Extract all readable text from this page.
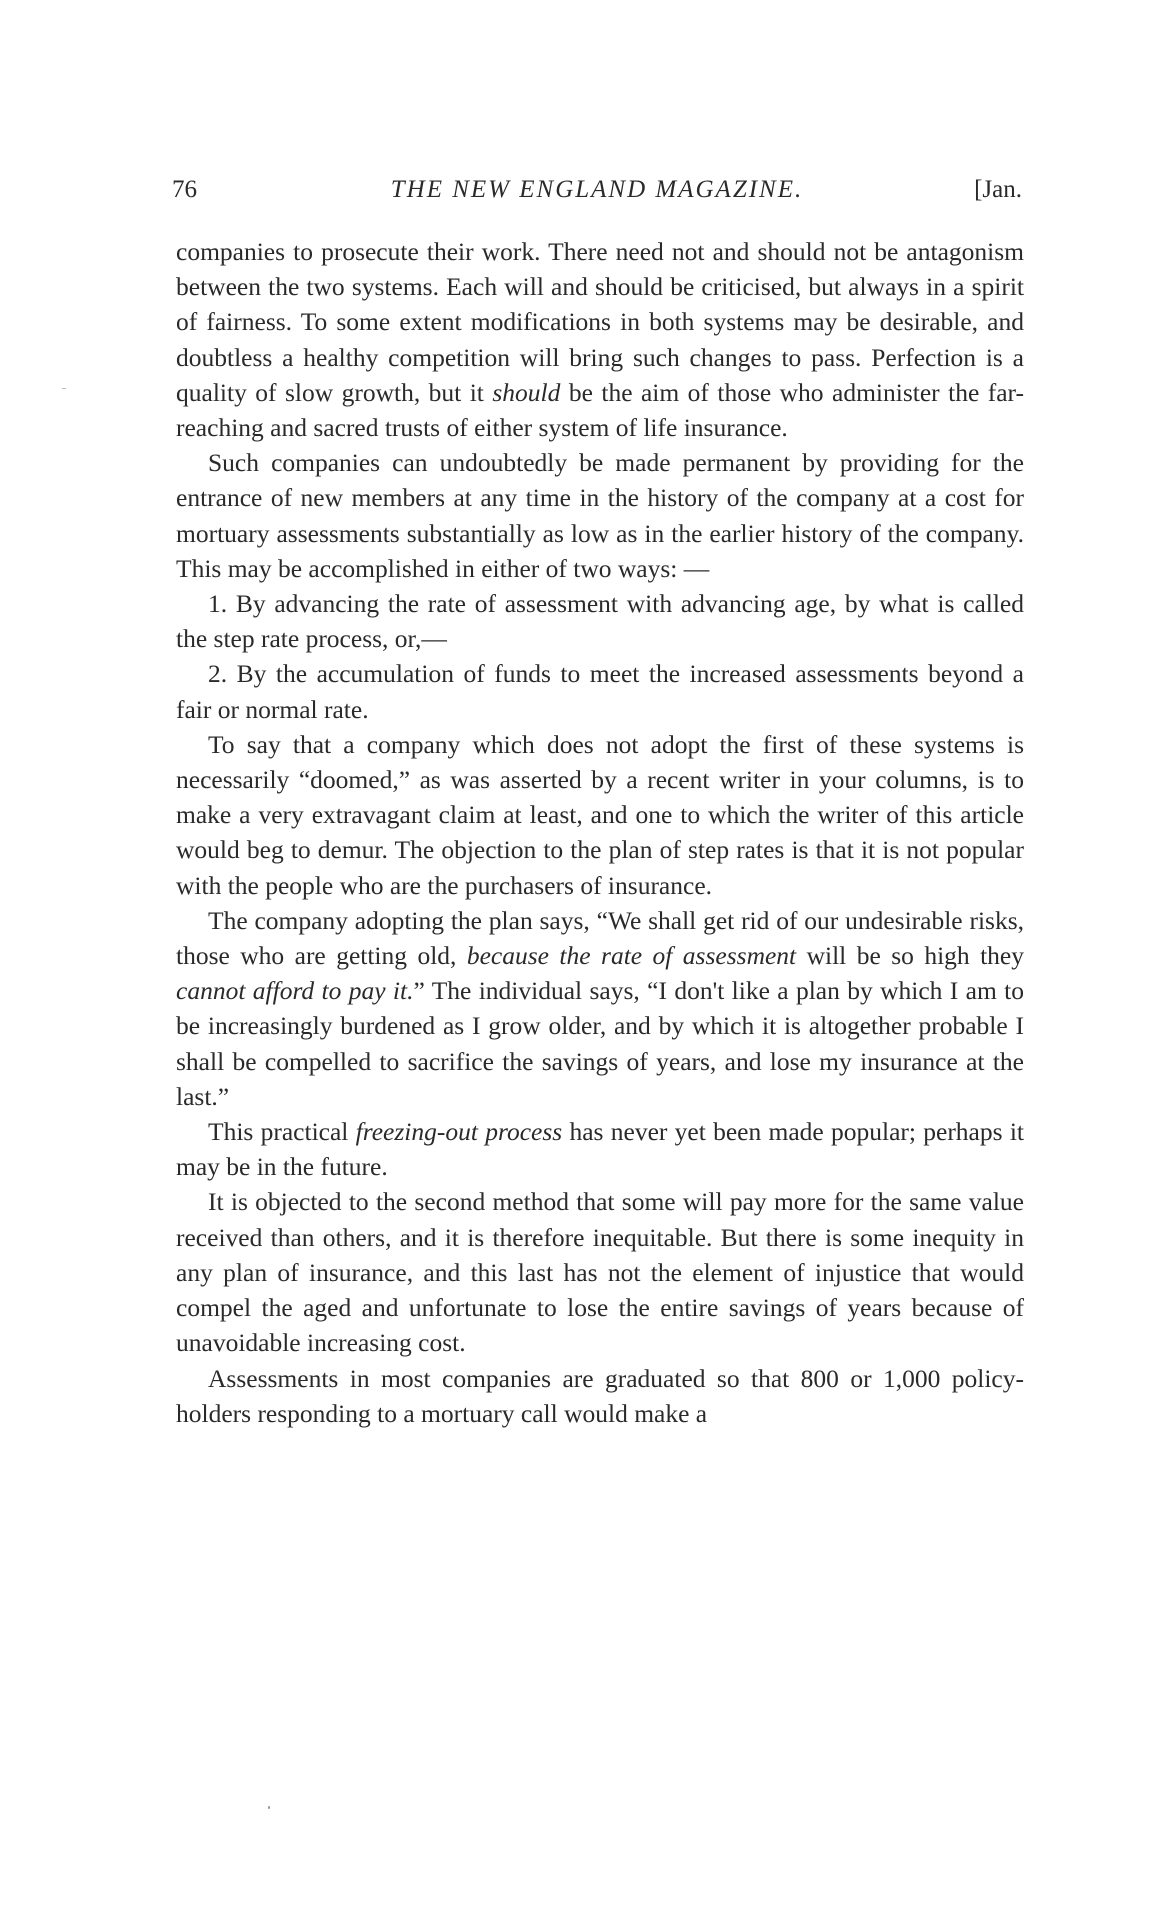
76	THE NEW ENGLAND MAGAZINE.	[Jan.

companies to prosecute their work. There need not and should not be antagonism between the two systems. Each will and should be criticised, but always in a spirit of fairness. To some extent modifications in both systems may be desirable, and doubtless a healthy competition will bring such changes to pass. Perfection is a quality of slow growth, but it should be the aim of those who administer the far-reaching and sacred trusts of either system of life insurance.

Such companies can undoubtedly be made permanent by providing for the entrance of new members at any time in the history of the company at a cost for mortuary assessments substantially as low as in the earlier history of the company. This may be accomplished in either of two ways: —

1. By advancing the rate of assessment with advancing age, by what is called the step rate process, or,—

2. By the accumulation of funds to meet the increased assessments beyond a fair or normal rate.

To say that a company which does not adopt the first of these systems is necessarily “doomed,” as was asserted by a recent writer in your columns, is to make a very extravagant claim at least, and one to which the writer of this article would beg to demur. The objection to the plan of step rates is that it is not popular with the people who are the purchasers of insurance.

The company adopting the plan says, “We shall get rid of our undesirable risks, those who are getting old, because the rate of assessment will be so high they cannot afford to pay it.” The individual says, “I don't like a plan by which I am to be increasingly burdened as I grow older, and by which it is altogether probable I shall be compelled to sacrifice the savings of years, and lose my insurance at the last.”

This practical freezing-out process has never yet been made popular; perhaps it may be in the future.

It is objected to the second method that some will pay more for the same value received than others, and it is therefore inequitable. But there is some inequity in any plan of insurance, and this last has not the element of injustice that would compel the aged and unfortunate to lose the entire savings of years because of unavoidable increasing cost.

Assessments in most companies are graduated so that 800 or 1,000 policy-holders responding to a mortuary call would make a
